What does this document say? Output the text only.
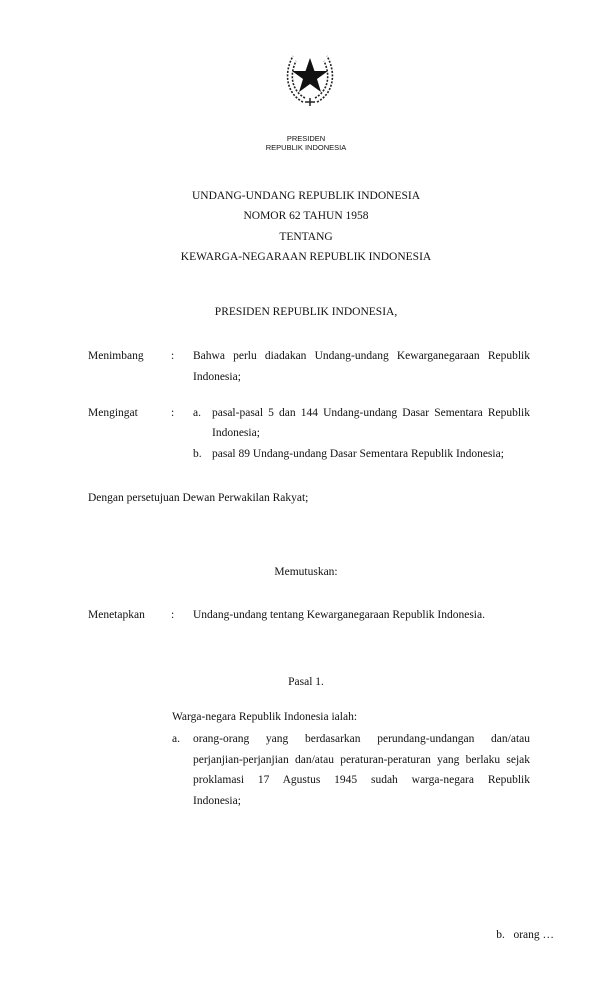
PRESIDEN
REPUBLIK INDONESIA
UNDANG-UNDANG REPUBLIK INDONESIA
NOMOR 62 TAHUN 1958
TENTANG
KEWARGA-NEGARAAN REPUBLIK INDONESIA
PRESIDEN REPUBLIK INDONESIA,
Menimbang : Bahwa perlu diadakan Undang-undang Kewarganegaraan Republik
Indonesia;
Mengingat	: a. pasal-pasal 5 dan 144 Undang-undang Dasar Sementara Republik
Indonesia;
b. pasal 89 Undang-undang Dasar Sementara Republik Indonesia;
Dengan persetujuan Dewan Perwakilan Rakyat;
Memutuskan:
Menetapkan : Undang-undang tentang Kewarganegaraan Republik Indonesia.
Pasal 1.
Warga-negara Republik Indonesia ialah:
a. orang-orang yang berdasarkan perundang-undangan dan/atau
perjanjian-perjanjian dan/atau peraturan-peraturan yang berlaku sejak
proklamasi 17 Agustus 1945 sudah warga-negara Republik
Indonesia;
b.   orang …
